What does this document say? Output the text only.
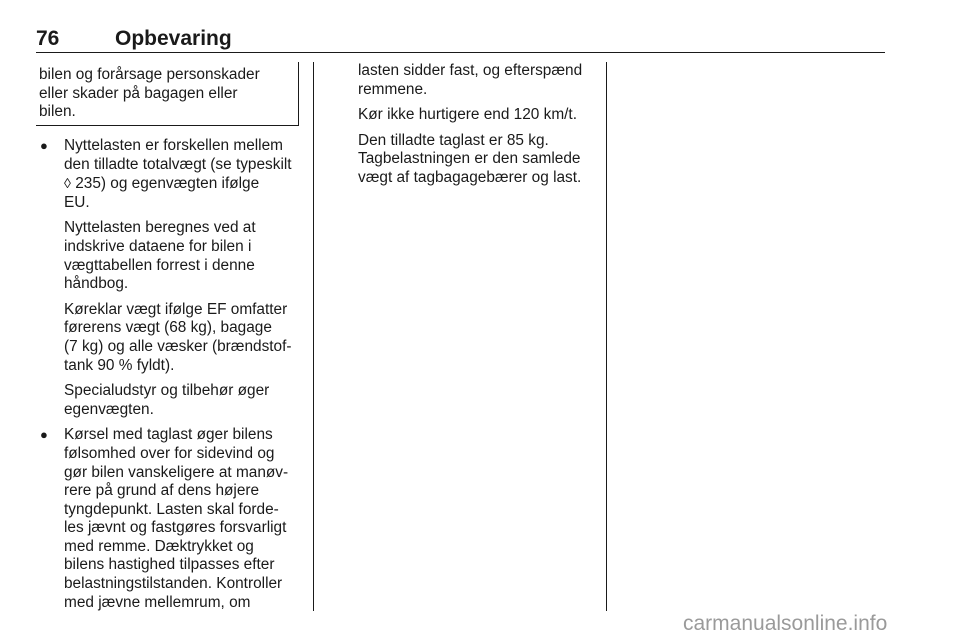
76	Opbevaring
bilen og forårsage personskader
eller skader på bagagen eller
bilen.
● Nyttelasten er forskellen mellem
den tilladte totalvægt (se typeskilt
◊ 235) og egenvægten ifølge
EU.

Nyttelasten beregnes ved at
indskrive dataene for bilen i
vægttabellen forrest i denne
håndbog.

Køreklar vægt ifølge EF omfatter
førerens vægt (68 kg), bagage
(7 kg) og alle væsker (brændstof‐
tank 90 % fyldt).

Specialudstyr og tilbehør øger
egenvægten.

● Kørsel med taglast øger bilens
følsomhed over for sidevind og
gør bilen vanskeligere at manøv‐
rere på grund af dens højere
tyngdepunkt. Lasten skal forde‐
les jævnt og fastgøres forsvarligt
med remme. Dæktrykket og
bilens hastighed tilpasses efter
belastningstilstanden. Kontroller
med jævne mellemrum, om

lasten sidder fast, og efterspænd
remmene.

Kør ikke hurtigere end 120 km/t.

Den tilladte taglast er 85 kg.
Tagbelastningen er den samlede
vægt af tagbagagebærer og last.

carmanualsonline.info
